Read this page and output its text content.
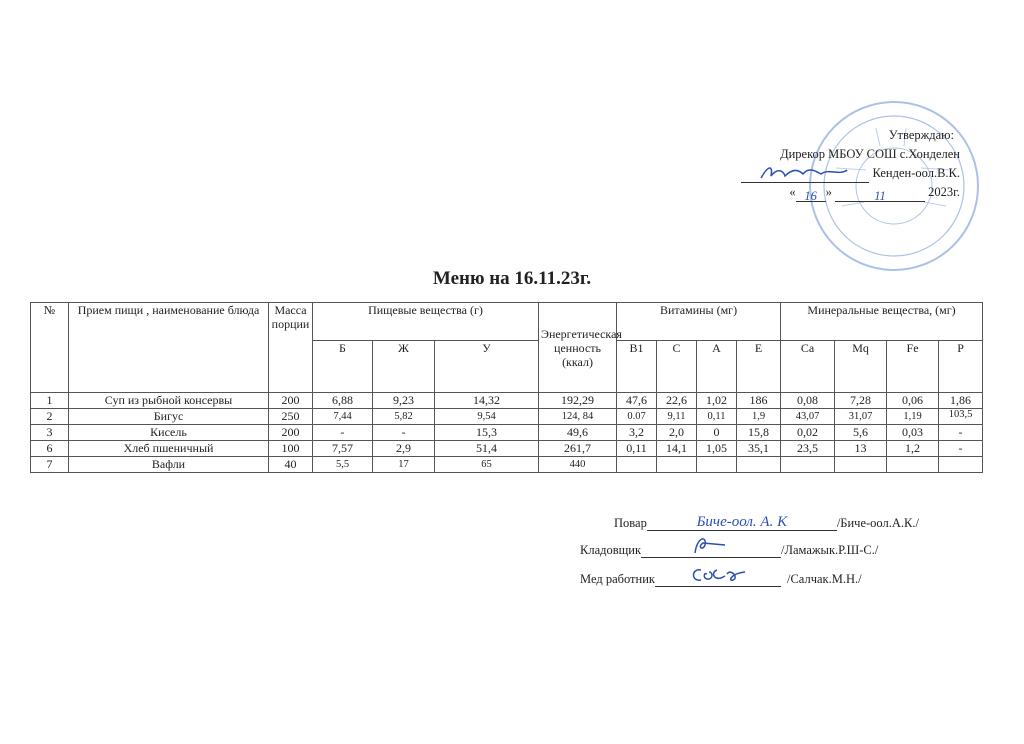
Утверждаю:
Дирекор МБОУ СОШ с.Хонделен
Кенден-оол.В.К.
« 16 »	11	2023г.
Меню на 16.11.23г.
№	Прием пищи , наименование блюда	Масса порции	Пищевые вещества (г)			Энергетическая ценность (ккал)	Витамины (мг)				Минеральные вещества, (мг)			
			Б	Ж	У		B1	C	A	E	Ca	Mq	Fe	P
1	Суп из рыбной консервы	200	6,88	9,23	14,32	192,29	47,6	22,6	1,02	186	0,08	7,28	0,06	1,86
2	Бигус	250	7,44	5,82	9,54	124, 84	0.07	9,11	0,11	1,9	43,07	31,07	1,19	103,5
3	Кисель	200	-	-	15,3	49,6	3,2	2,0	0	15,8	0,02	5,6	0,03	-
6	Хлеб пшеничный	100	7,57	2,9	51,4	261,7	0,11	14,1	1,05	35,1	23,5	13	1,2	-
7	Вафли	40	5,5	17	65	440								
Повар	Биче-оол. А. К	/Биче-оол.А.К./
Кладовщик	/Ламажык.Р.Ш-С./
Мед работник	/Салчак.М.Н./
